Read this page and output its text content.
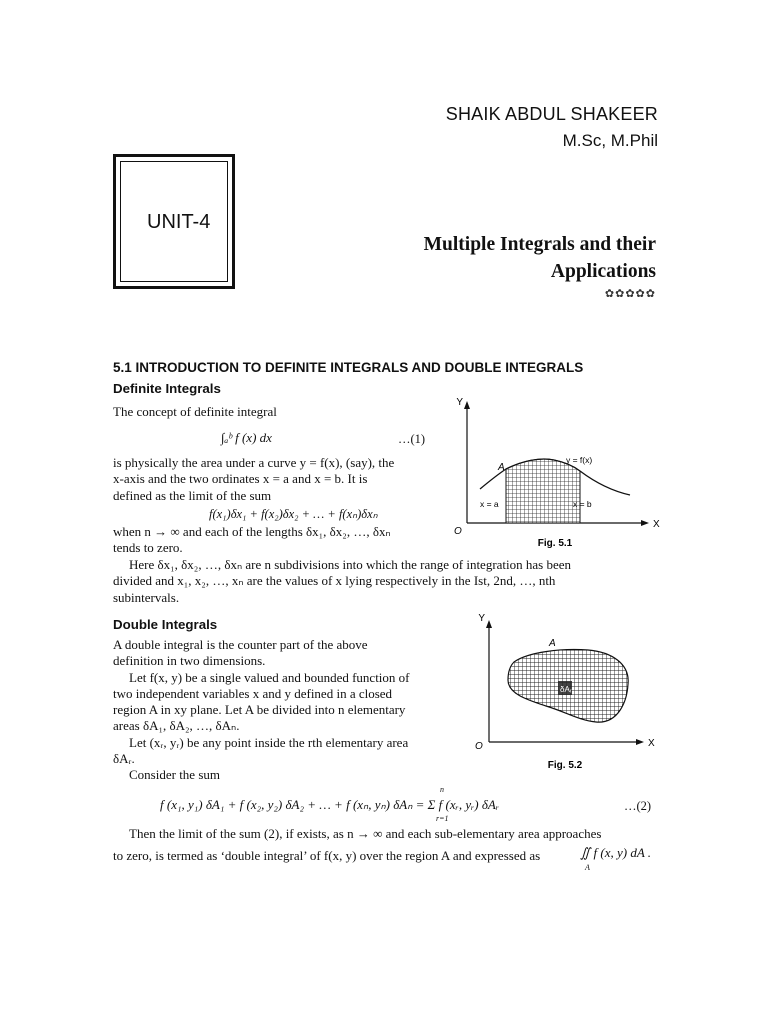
SHAIK ABDUL SHAKEER
M.Sc, M.Phil
UNIT-4
Multiple Integrals and their
Applications
✿✿✿✿✿
5.1 INTRODUCTION TO DEFINITE INTEGRALS AND DOUBLE INTEGRALS
Definite Integrals
The concept of definite integral
∫ₐᵇ f (x) dx	…(1)
is physically the area under a curve y = f(x), (say), the
x-axis and the two ordinates x = a and x = b. It is
defined as the limit of the sum
f(x₁)δx₁ + f(x₂)δx₂ + … + f(xₙ)δxₙ
when n → ∞ and each of the lengths δx₁, δx₂, …, δxₙ
tends to zero.
Here δx₁, δx₂, …, δxₙ are n subdivisions into which the range of integration has been
divided and x₁, x₂, …, xₙ are the values of x lying respectively in the Ist, 2nd, …, nth
subintervals.
Y
X
O
A
y = f(x)
x = a	x = b
Fig. 5.1
Double Integrals
A double integral is the counter part of the above
definition in two dimensions.
Let f(x, y) be a single valued and bounded function of
two independent variables x and y defined in a closed
region A in xy plane. Let A be divided into n elementary
areas δA₁, δA₂, …, δAₙ.
Let (xᵣ, yᵣ) be any point inside the rth elementary area
δAᵣ.
Consider the sum
Y
X
O
A
δAᵣ
Fig. 5.2
f (x₁, y₁) δA₁ + f (x₂, y₂) δA₂ + … + f (xₙ, yₙ) δAₙ = Σ f (xᵣ, yᵣ) δAᵣ
n
r=1
…(2)
Then the limit of the sum (2), if exists, as n → ∞ and each sub-elementary area approaches
to zero, is termed as ‘double integral’ of f(x, y) over the region A and expressed as	∬ f (x, y) dA .
A
